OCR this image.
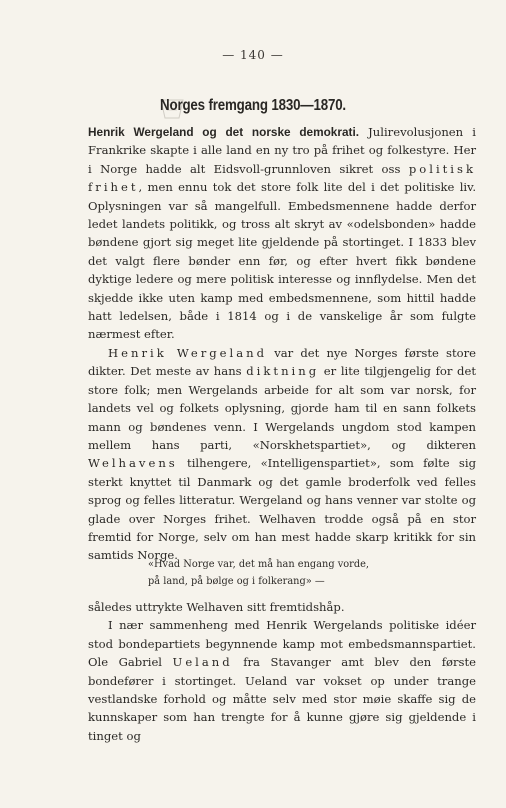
— 140 —
Norges fremgang 1830—1870.

Henrik Wergeland og det norske demokrati. Julirevolusjonen i Frankrike skapte i alle land en ny tro på frihet og folkestyre. Her i Norge hadde alt Eidsvoll-grunnloven sikret oss politisk frihet, men ennu tok det store folk lite del i det politiske liv. Oplysningen var så mangelfull. Embedsmennene hadde derfor ledet landets politikk, og tross alt skryt av «odelsbonden» hadde bøndene gjort sig meget lite gjeldende på stortinget. I 1833 blev det valgt flere bønder enn før, og efter hvert fikk bøndene dyktige ledere og mere politisk interesse og innflydelse. Men det skjedde ikke uten kamp med embedsmennene, som hittil hadde hatt ledelsen, både i 1814 og i de vanskelige år som fulgte nærmest efter.

Henrik Wergeland var det nye Norges første store dikter. Det meste av hans diktning er lite tilgjengelig for det store folk; men Wergelands arbeide for alt som var norsk, for landets vel og folkets oplysning, gjorde ham til en sann folkets mann og bøndenes venn. I Wergelands ungdom stod kampen mellem hans parti, «Norskhetspartiet», og dikteren Welhavens tilhengere, «Intelligenspartiet», som følte sig sterkt knyttet til Danmark og det gamle broderfolk ved felles sprog og felles litteratur. Wergeland og hans venner var stolte og glade over Norges frihet. Welhaven trodde også på en stor fremtid for Norge, selv om han mest hadde skarp kritikk for sin samtids Norge.

«Hvad Norge var, det må han engang vorde,
på land, på bølge og i folkerang» —

således uttrykte Welhaven sitt fremtidshåp.

I nær sammenheng med Henrik Wergelands politiske idéer stod bondepartiets begynnende kamp mot embedsmannspartiet. Ole Gabriel Ueland fra Stavanger amt blev den første bondefører i stortinget. Ueland var vokset op under trange vestlandske forhold og måtte selv med stor møie skaffe sig de kunnskaper som han trengte for å kunne gjøre sig gjeldende i tinget og
